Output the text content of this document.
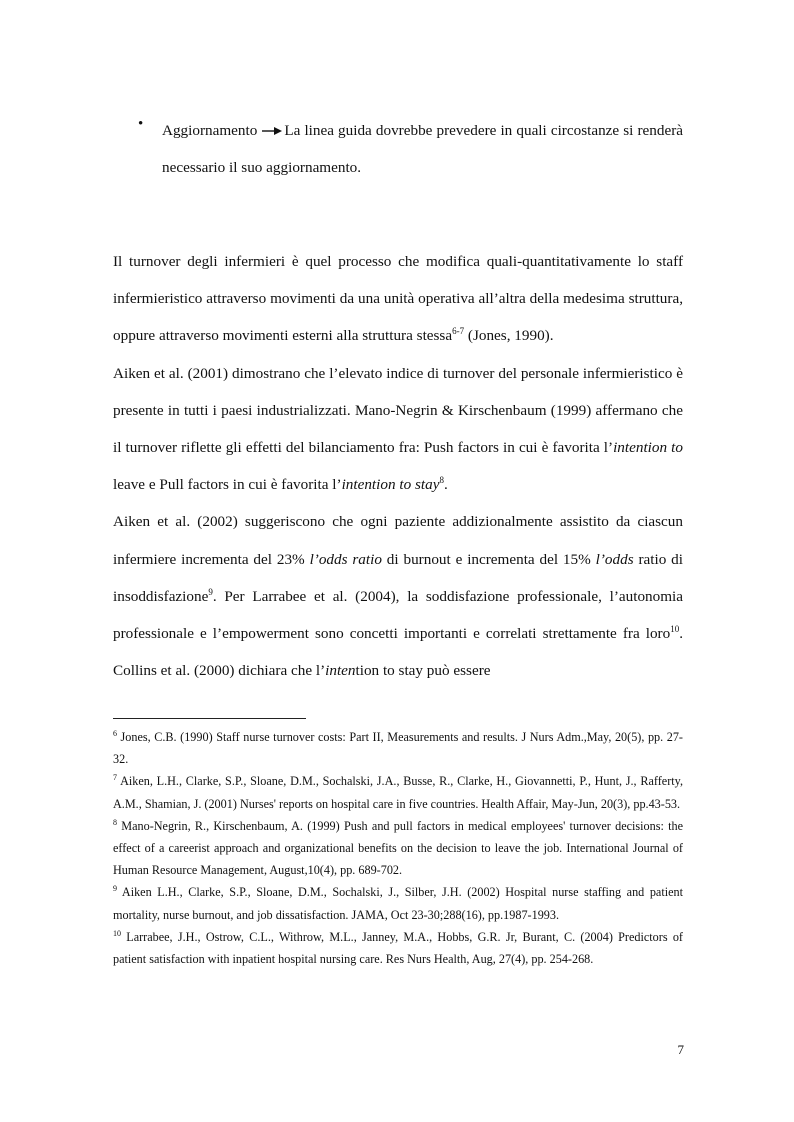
• Aggiornamento La linea guida dovrebbe prevedere in quali circostanze si renderà necessario il suo aggiornamento.

Il turnover degli infermieri è quel processo che modifica quali-quantitativamente lo staff infermieristico attraverso movimenti da una unità operativa all’altra della medesima struttura, oppure attraverso movimenti esterni alla struttura stessa$^{6-7}$ (Jones, 1990).

Aiken et al. (2001) dimostrano che l’elevato indice di turnover del personale infermieristico è presente in tutti i paesi industrializzati. Mano-Negrin & Kirschenbaum (1999) affermano che il turnover riflette gli effetti del bilanciamento fra: Push factors in cui è favorita l’intention to leave e Pull factors in cui è favorita l’intention to stay$^8$.

Aiken et al. (2002) suggeriscono che ogni paziente addizionalmente assistito da ciascun infermiere incrementa del 23% l’odds ratio di burnout e incrementa del 15% l’odds ratio di insoddisfazione$^9$. Per Larrabee et al. (2004), la soddisfazione professionale, l’autonomia professionale e l’empowerment sono concetti importanti e correlati strettamente fra loro$^{10}$. Collins et al. (2000) dichiara che l’intention to stay può essere

$^6$ Jones, C.B. (1990) Staff nurse turnover costs: Part II, Measurements and results. J Nurs Adm.,May, 20(5), pp. 27-32.

$^7$ Aiken, L.H., Clarke, S.P., Sloane, D.M., Sochalski, J.A., Busse, R., Clarke, H., Giovannetti, P., Hunt, J., Rafferty, A.M., Shamian, J. (2001) Nurses' reports on hospital care in five countries. Health Affair, May-Jun, 20(3), pp.43-53.

$^8$ Mano-Negrin, R., Kirschenbaum, A. (1999) Push and pull factors in medical employees' turnover decisions: the effect of a careerist approach and organizational benefits on the decision to leave the job. International Journal of Human Resource Management, August,10(4), pp. 689-702.

$^9$ Aiken L.H., Clarke, S.P., Sloane, D.M., Sochalski, J., Silber, J.H. (2002) Hospital nurse staffing and patient mortality, nurse burnout, and job dissatisfaction. JAMA, Oct 23-30;288(16), pp.1987-1993.

$^{10}$ Larrabee, J.H., Ostrow, C.L., Withrow, M.L., Janney, M.A., Hobbs, G.R. Jr, Burant, C. (2004) Predictors of patient satisfaction with inpatient hospital nursing care. Res Nurs Health, Aug, 27(4), pp. 254-268.

7
